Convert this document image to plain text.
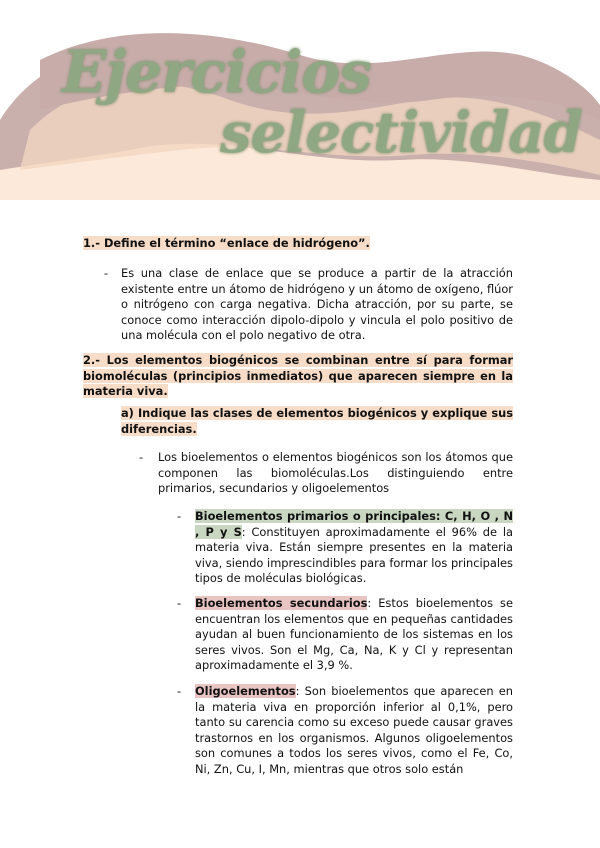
Ejercicios
selectividad
1.- Define el término “enlace de hidrógeno”.
- Es una clase de enlace que se produce a partir de la atracción existente entre un átomo de hidrógeno y un átomo de oxígeno, flúor o nitrógeno con carga negativa. Dicha atracción, por su parte, se conoce como interacción dipolo-dipolo y vincula el polo positivo de una molécula con el polo negativo de otra.
2.- Los elementos biogénicos se combinan entre sí para formar biomoléculas (principios inmediatos) que aparecen siempre en la materia viva.
a) Indique las clases de elementos biogénicos y explique sus diferencias.
- Los bioelementos o elementos biogénicos son los átomos que componen las biomoléculas.Los distinguiendo entre primarios, secundarios y oligoelementos
- Bioelementos primarios o principales: C, H, O , N , P y S: Constituyen aproximadamente el 96% de la materia viva. Están siempre presentes en la materia viva, siendo imprescindibles para formar los principales tipos de moléculas biológicas.
- Bioelementos secundarios: Estos bioelementos se encuentran los elementos que en pequeñas cantidades ayudan al buen funcionamiento de los sistemas en los seres vivos. Son el Mg, Ca, Na, K y Cl y representan aproximadamente el 3,9 %.
- Oligoelementos: Son bioelementos que aparecen en la materia viva en proporción inferior al 0,1%, pero tanto su carencia como su exceso puede causar graves trastornos en los organismos. Algunos oligoelementos son comunes a todos los seres vivos, como el Fe, Co, Ni, Zn, Cu, I, Mn, mientras que otros solo están
